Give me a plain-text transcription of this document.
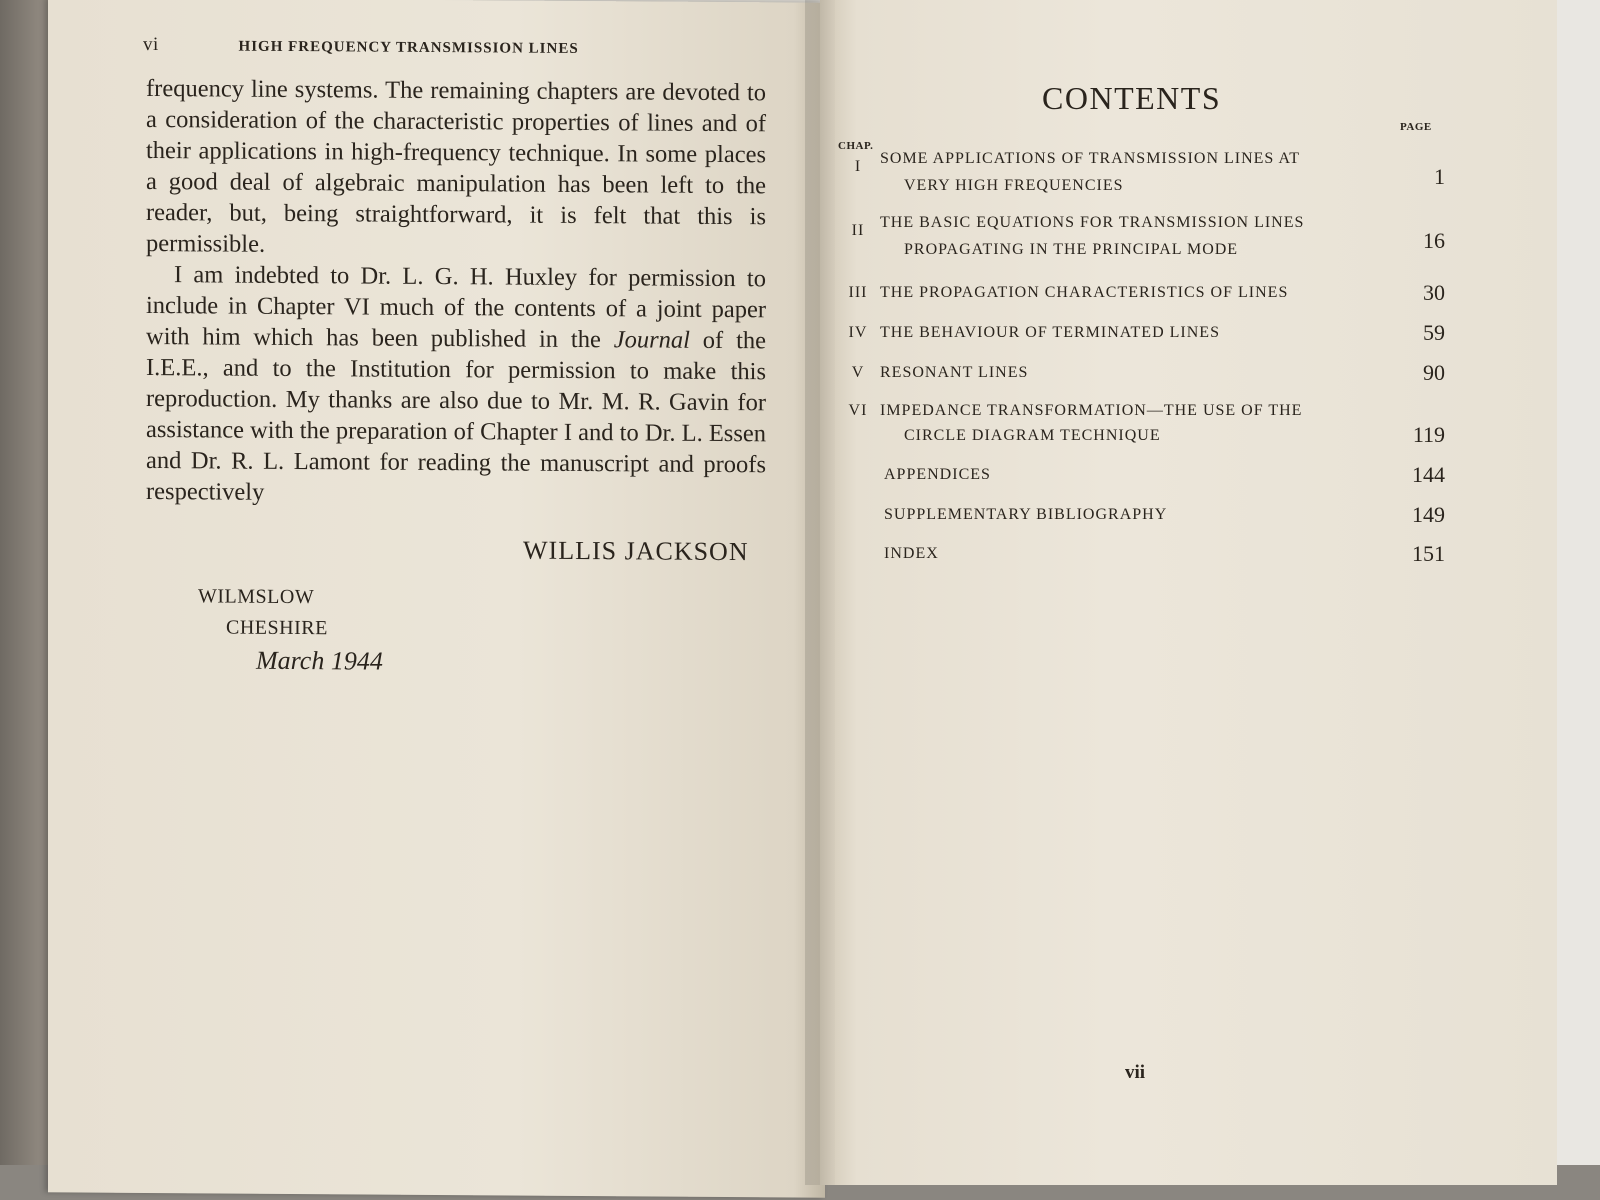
vi	HIGH FREQUENCY TRANSMISSION LINES

frequency line systems. The remaining chapters are devoted to a consideration of the characteristic properties of lines and of their applications in high-frequency technique. In some places a good deal of algebraic manipulation has been left to the reader, but, being straightforward, it is felt that this is permissible.

I am indebted to Dr. L. G. H. Huxley for permission to include in Chapter VI much of the contents of a joint paper with him which has been published in the Journal of the I.E.E., and to the Institution for permission to make this reproduction. My thanks are also due to Mr. M. R. Gavin for assistance with the preparation of Chapter I and to Dr. L. Essen and Dr. R. L. Lamont for reading the manuscript and proofs respectively

WILLIS JACKSON
WILMSLOW
CHESHIRE
March 1944
CONTENTS
CHAP.
PAGE
I	SOME APPLICATIONS OF TRANSMISSION LINES AT
VERY HIGH FREQUENCIES	1
II THE BASIC EQUATIONS FOR TRANSMISSION LINES
PROPAGATING IN THE PRINCIPAL MODE	16
III THE PROPAGATION CHARACTERISTICS OF LINES	30
IV THE BEHAVIOUR OF TERMINATED LINES	59
V RESONANT LINES	90
VI IMPEDANCE TRANSFORMATION—THE USE OF THE
CIRCLE DIAGRAM TECHNIQUE	119
APPENDICES	144
SUPPLEMENTARY BIBLIOGRAPHY	149
INDEX	151
vii
